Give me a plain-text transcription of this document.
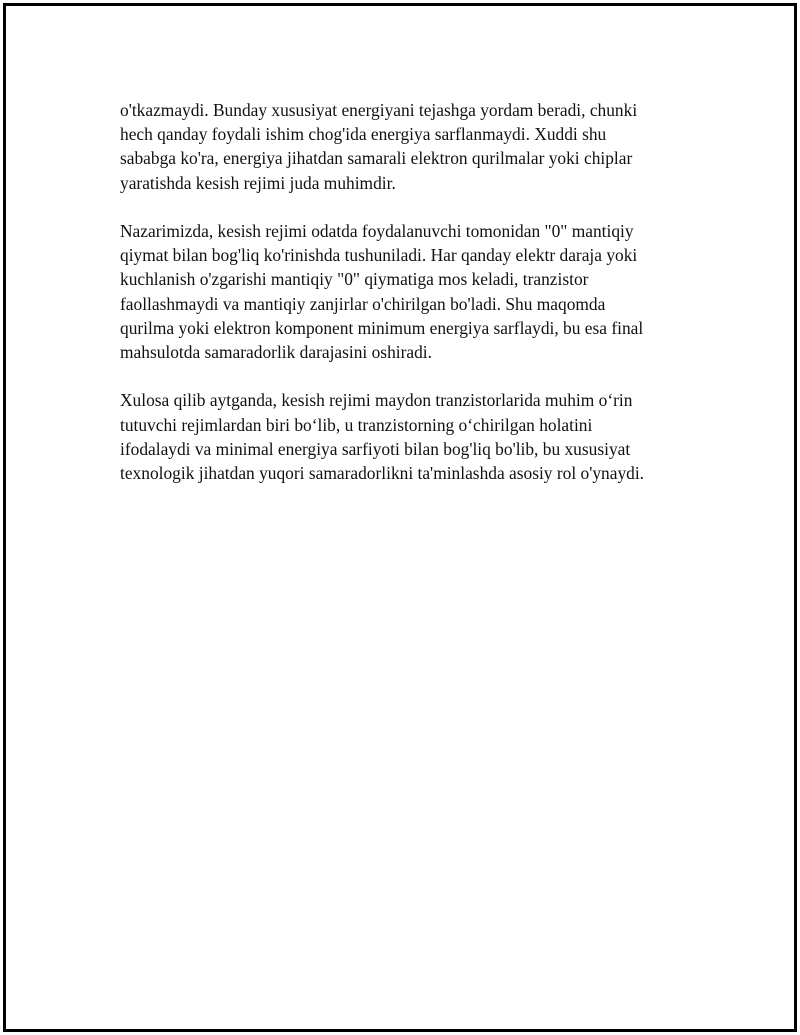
o'tkazmaydi. Bunday xususiyat energiyani tejashga yordam beradi, chunki
hech qanday foydali ishim chog'ida energiya sarflanmaydi. Xuddi shu
sababga ko'ra, energiya jihatdan samarali elektron qurilmalar yoki chiplar
yaratishda kesish rejimi juda muhimdir.

Nazarimizda, kesish rejimi odatda foydalanuvchi tomonidan "0" mantiqiy
qiymat bilan bog'liq ko'rinishda tushuniladi. Har qanday elektr daraja yoki
kuchlanish o'zgarishi mantiqiy "0" qiymatiga mos keladi, tranzistor
faollashmaydi va mantiqiy zanjirlar o'chirilgan bo'ladi. Shu maqomda
qurilma yoki elektron komponent minimum energiya sarflaydi, bu esa final
mahsulotda samaradorlik darajasini oshiradi.

Xulosa qilib aytganda, kesish rejimi maydon tranzistorlarida muhim o‘rin
tutuvchi rejimlardan biri bo‘lib, u tranzistorning o‘chirilgan holatini
ifodalaydi va minimal energiya sarfiyoti bilan bog'liq bo'lib, bu xususiyat
texnologik jihatdan yuqori samaradorlikni ta'minlashda asosiy rol o'ynaydi.
